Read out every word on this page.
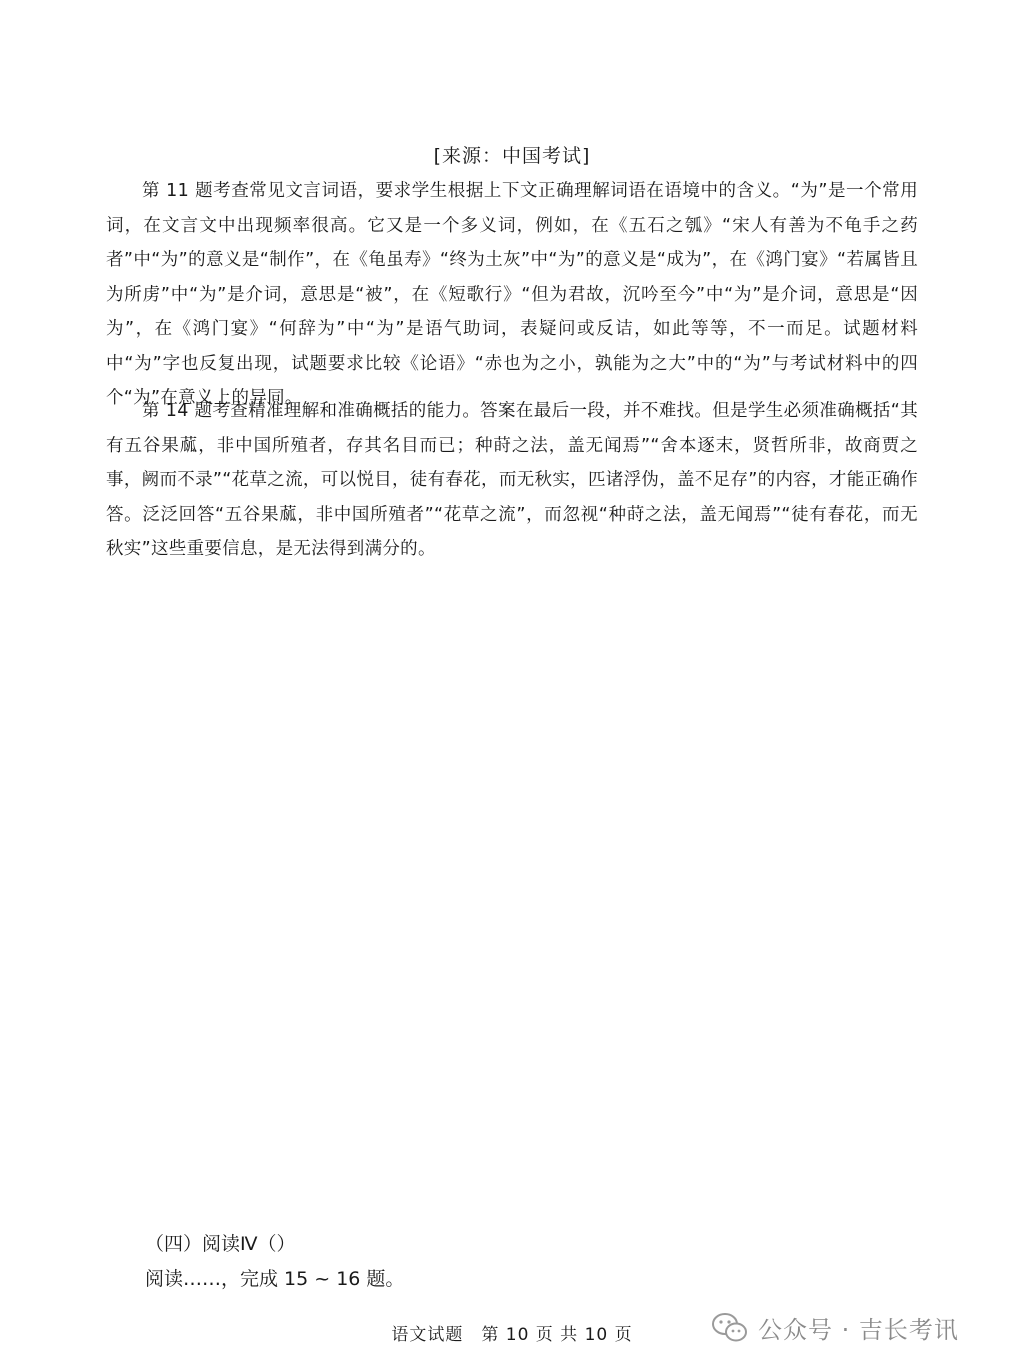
[来源：中国考试]

第 11 题考查常见文言词语，要求学生根据上下文正确理解词语在语境中的含义。“为”是一个常用词，在文言文中出现频率很高。它又是一个多义词，例如，在《五石之瓠》“宋人有善为不龟手之药者”中“为”的意义是“制作”，在《龟虽寿》“终为土灰”中“为”的意义是“成为”，在《鸿门宴》“若属皆且为所虏”中“为”是介词，意思是“被”，在《短歌行》“但为君故，沉吟至今”中“为”是介词，意思是“因为”，在《鸿门宴》“何辞为”中“为”是语气助词，表疑问或反诘，如此等等，不一而足。试题材料中“为”字也反复出现，试题要求比较《论语》“赤也为之小，孰能为之大”中的“为”与考试材料中的四个“为”在意义上的异同。

第 14 题考查精准理解和准确概括的能力。答案在最后一段，并不难找。但是学生必须准确概括“其有五谷果蓏，非中国所殖者，存其名目而已；种莳之法，盖无闻焉”“舍本逐末，贤哲所非，故商贾之事，阙而不录”“花草之流，可以悦目，徒有春花，而无秋实，匹诸浮伪，盖不足存”的内容，才能正确作答。泛泛回答“五谷果蓏，非中国所殖者”“花草之流”，而忽视“种莳之法，盖无闻焉”“徒有春花，而无秋实”这些重要信息，是无法得到满分的。

（四）阅读Ⅳ（）
阅读……，完成 15 ~ 16 题。
语文试题　第 10 页 共 10 页	公众号 · 吉长考讯
